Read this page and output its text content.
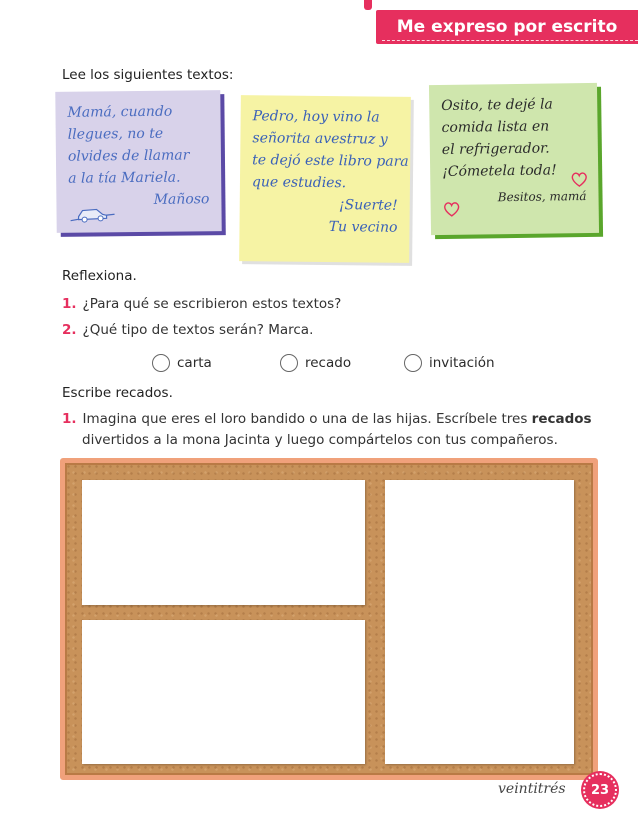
Me expreso por escrito
Lee los siguientes textos:

Mamá, cuando

llegues, no te

olvides de llamar

a la tía Mariela.

Mañoso

Pedro, hoy vino la

señorita avestruz y

te dejó este libro para

que estudies.

¡Suerte!

Tu vecino

Osito, te dejé la

comida lista en

el refrigerador.

¡Cómetela toda!

Besitos, mamá

Reflexiona.
1. ¿Para qué se escribieron estos textos?
2. ¿Qué tipo de textos serán? Marca.
carta	recado	invitación
Escribe recados.
1. Imagina que eres el loro bandido o una de las hijas. Escríbele tres recados
divertidos a la mona Jacinta y luego compártelos con tus compañeros.
veintitrés 23
